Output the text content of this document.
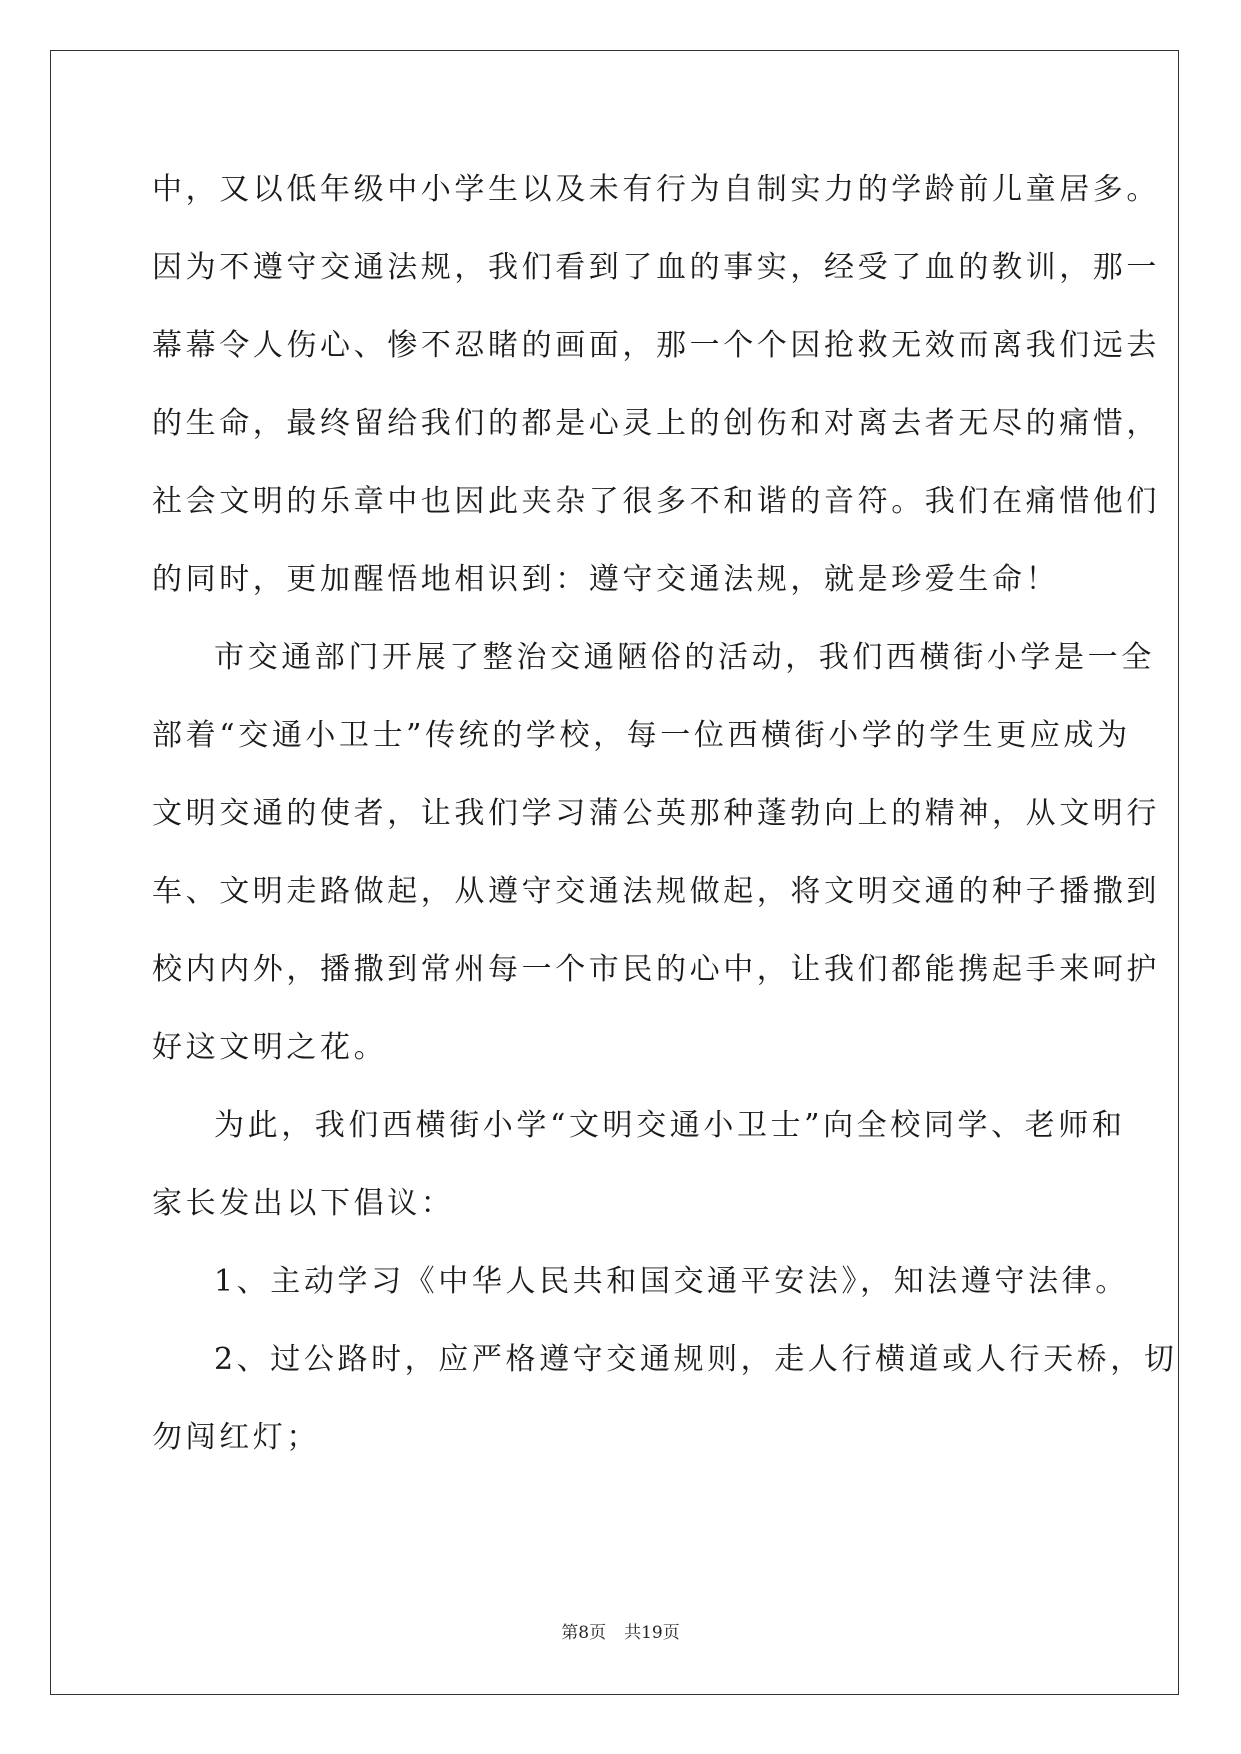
中，又以低年级中小学生以及未有行为自制实力的学龄前儿童居多。
因为不遵守交通法规，我们看到了血的事实，经受了血的教训，那一
幕幕令人伤心、惨不忍睹的画面，那一个个因抢救无效而离我们远去
的生命，最终留给我们的都是心灵上的创伤和对离去者无尽的痛惜，
社会文明的乐章中也因此夹杂了很多不和谐的音符。我们在痛惜他们
的同时，更加醒悟地相识到：遵守交通法规，就是珍爱生命！
市交通部门开展了整治交通陋俗的活动，我们西横街小学是一全
部着“交通小卫士”传统的学校，每一位西横街小学的学生更应成为
文明交通的使者，让我们学习蒲公英那种蓬勃向上的精神，从文明行
车、文明走路做起，从遵守交通法规做起，将文明交通的种子播撒到
校内内外，播撒到常州每一个市民的心中，让我们都能携起手来呵护
好这文明之花。
为此，我们西横街小学“文明交通小卫士”向全校同学、老师和
家长发出以下倡议：
1、主动学习《中华人民共和国交通平安法》，知法遵守法律。
2、过公路时，应严格遵守交通规则，走人行横道或人行天桥，切
勿闯红灯；
第8页 共19页
